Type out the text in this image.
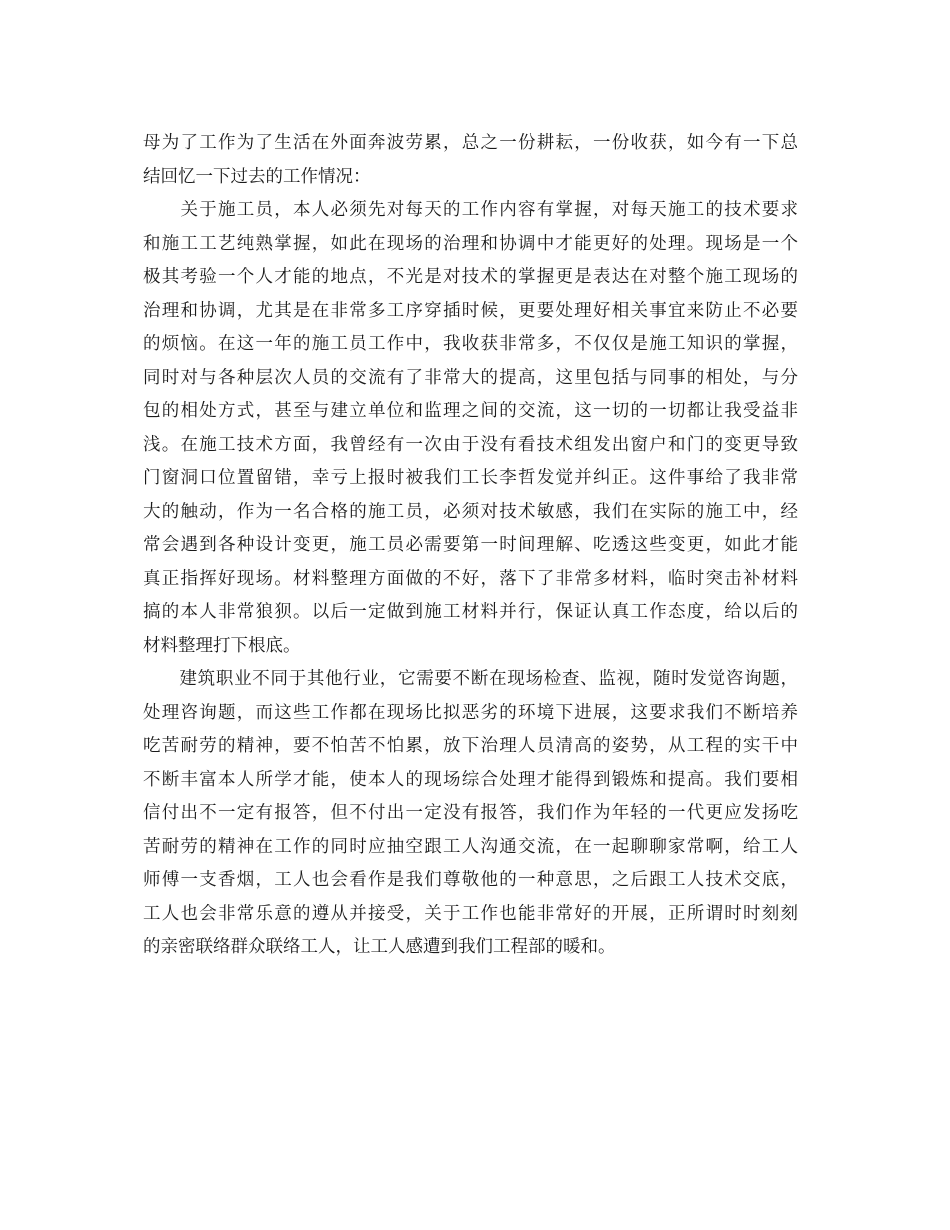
母为了工作为了生活在外面奔波劳累，总之一份耕耘，一份收获，如今有一下总
结回忆一下过去的工作情况：
　　关于施工员，本人必须先对每天的工作内容有掌握，对每天施工的技术要求
和施工工艺纯熟掌握，如此在现场的治理和协调中才能更好的处理。现场是一个
极其考验一个人才能的地点，不光是对技术的掌握更是表达在对整个施工现场的
治理和协调，尤其是在非常多工序穿插时候，更要处理好相关事宜来防止不必要
的烦恼。在这一年的施工员工作中，我收获非常多，不仅仅是施工知识的掌握，
同时对与各种层次人员的交流有了非常大的提高，这里包括与同事的相处，与分
包的相处方式，甚至与建立单位和监理之间的交流，这一切的一切都让我受益非
浅。在施工技术方面，我曾经有一次由于没有看技术组发出窗户和门的变更导致
门窗洞口位置留错，幸亏上报时被我们工长李哲发觉并纠正。这件事给了我非常
大的触动，作为一名合格的施工员，必须对技术敏感，我们在实际的施工中，经
常会遇到各种设计变更，施工员必需要第一时间理解、吃透这些变更，如此才能
真正指挥好现场。材料整理方面做的不好，落下了非常多材料，临时突击补材料
搞的本人非常狼狈。以后一定做到施工材料并行，保证认真工作态度，给以后的
材料整理打下根底。
　　建筑职业不同于其他行业，它需要不断在现场检查、监视，随时发觉咨询题，
处理咨询题，而这些工作都在现场比拟恶劣的环境下进展，这要求我们不断培养
吃苦耐劳的精神，要不怕苦不怕累，放下治理人员清高的姿势，从工程的实干中
不断丰富本人所学才能，使本人的现场综合处理才能得到锻炼和提高。我们要相
信付出不一定有报答，但不付出一定没有报答，我们作为年轻的一代更应发扬吃
苦耐劳的精神在工作的同时应抽空跟工人沟通交流，在一起聊聊家常啊，给工人
师傅一支香烟，工人也会看作是我们尊敬他的一种意思，之后跟工人技术交底，
工人也会非常乐意的遵从并接受，关于工作也能非常好的开展，正所谓时时刻刻
的亲密联络群众联络工人，让工人感遭到我们工程部的暖和。
